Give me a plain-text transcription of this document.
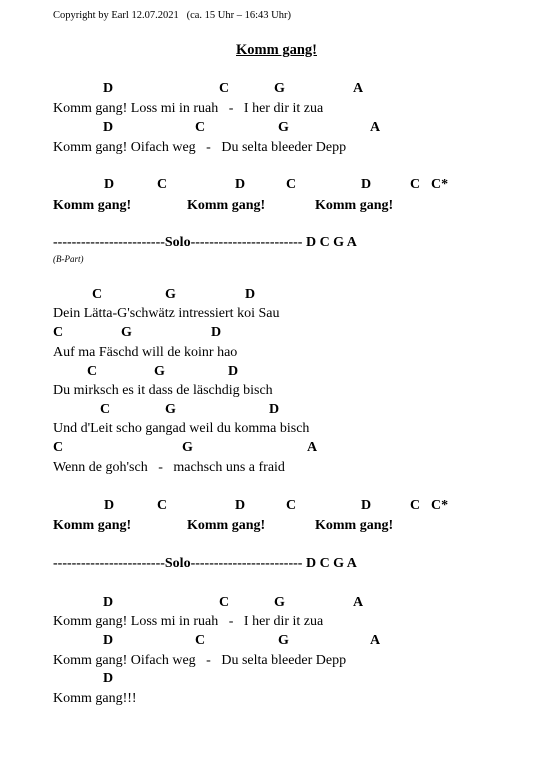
Copyright by Earl 12.07.2021   (ca. 15 Uhr – 16:43 Uhr)
Komm gang!
D	C	G	A
Komm gang! Loss mi in ruah   -   I her dir it zua
D	C	G	A
Komm gang! Oifach weg   -   Du selta bleeder Depp
D	C	D	C	D	C C*
Komm gang!	Komm gang!	Komm gang!
------------------------Solo------------------------ D C G A
(B-Part)
C	G	D
Dein Lätta-G'schwätz intressiert koi Sau
C	G	D
Auf ma Fäschd will de koinr hao
C	G	D
Du mirksch es it dass de läschdig bisch
C	G	D
Und d'Leit scho gangad weil du komma bisch
C	G	A
Wenn de goh'sch   -   machsch uns a fraid
D	C	D	C	D	C C*
Komm gang!	Komm gang!	Komm gang!
------------------------Solo------------------------ D C G A
D	C	G	A
Komm gang! Loss mi in ruah   -   I her dir it zua
D	C	G	A
Komm gang! Oifach weg   -   Du selta bleeder Depp
D
Komm gang!!!
